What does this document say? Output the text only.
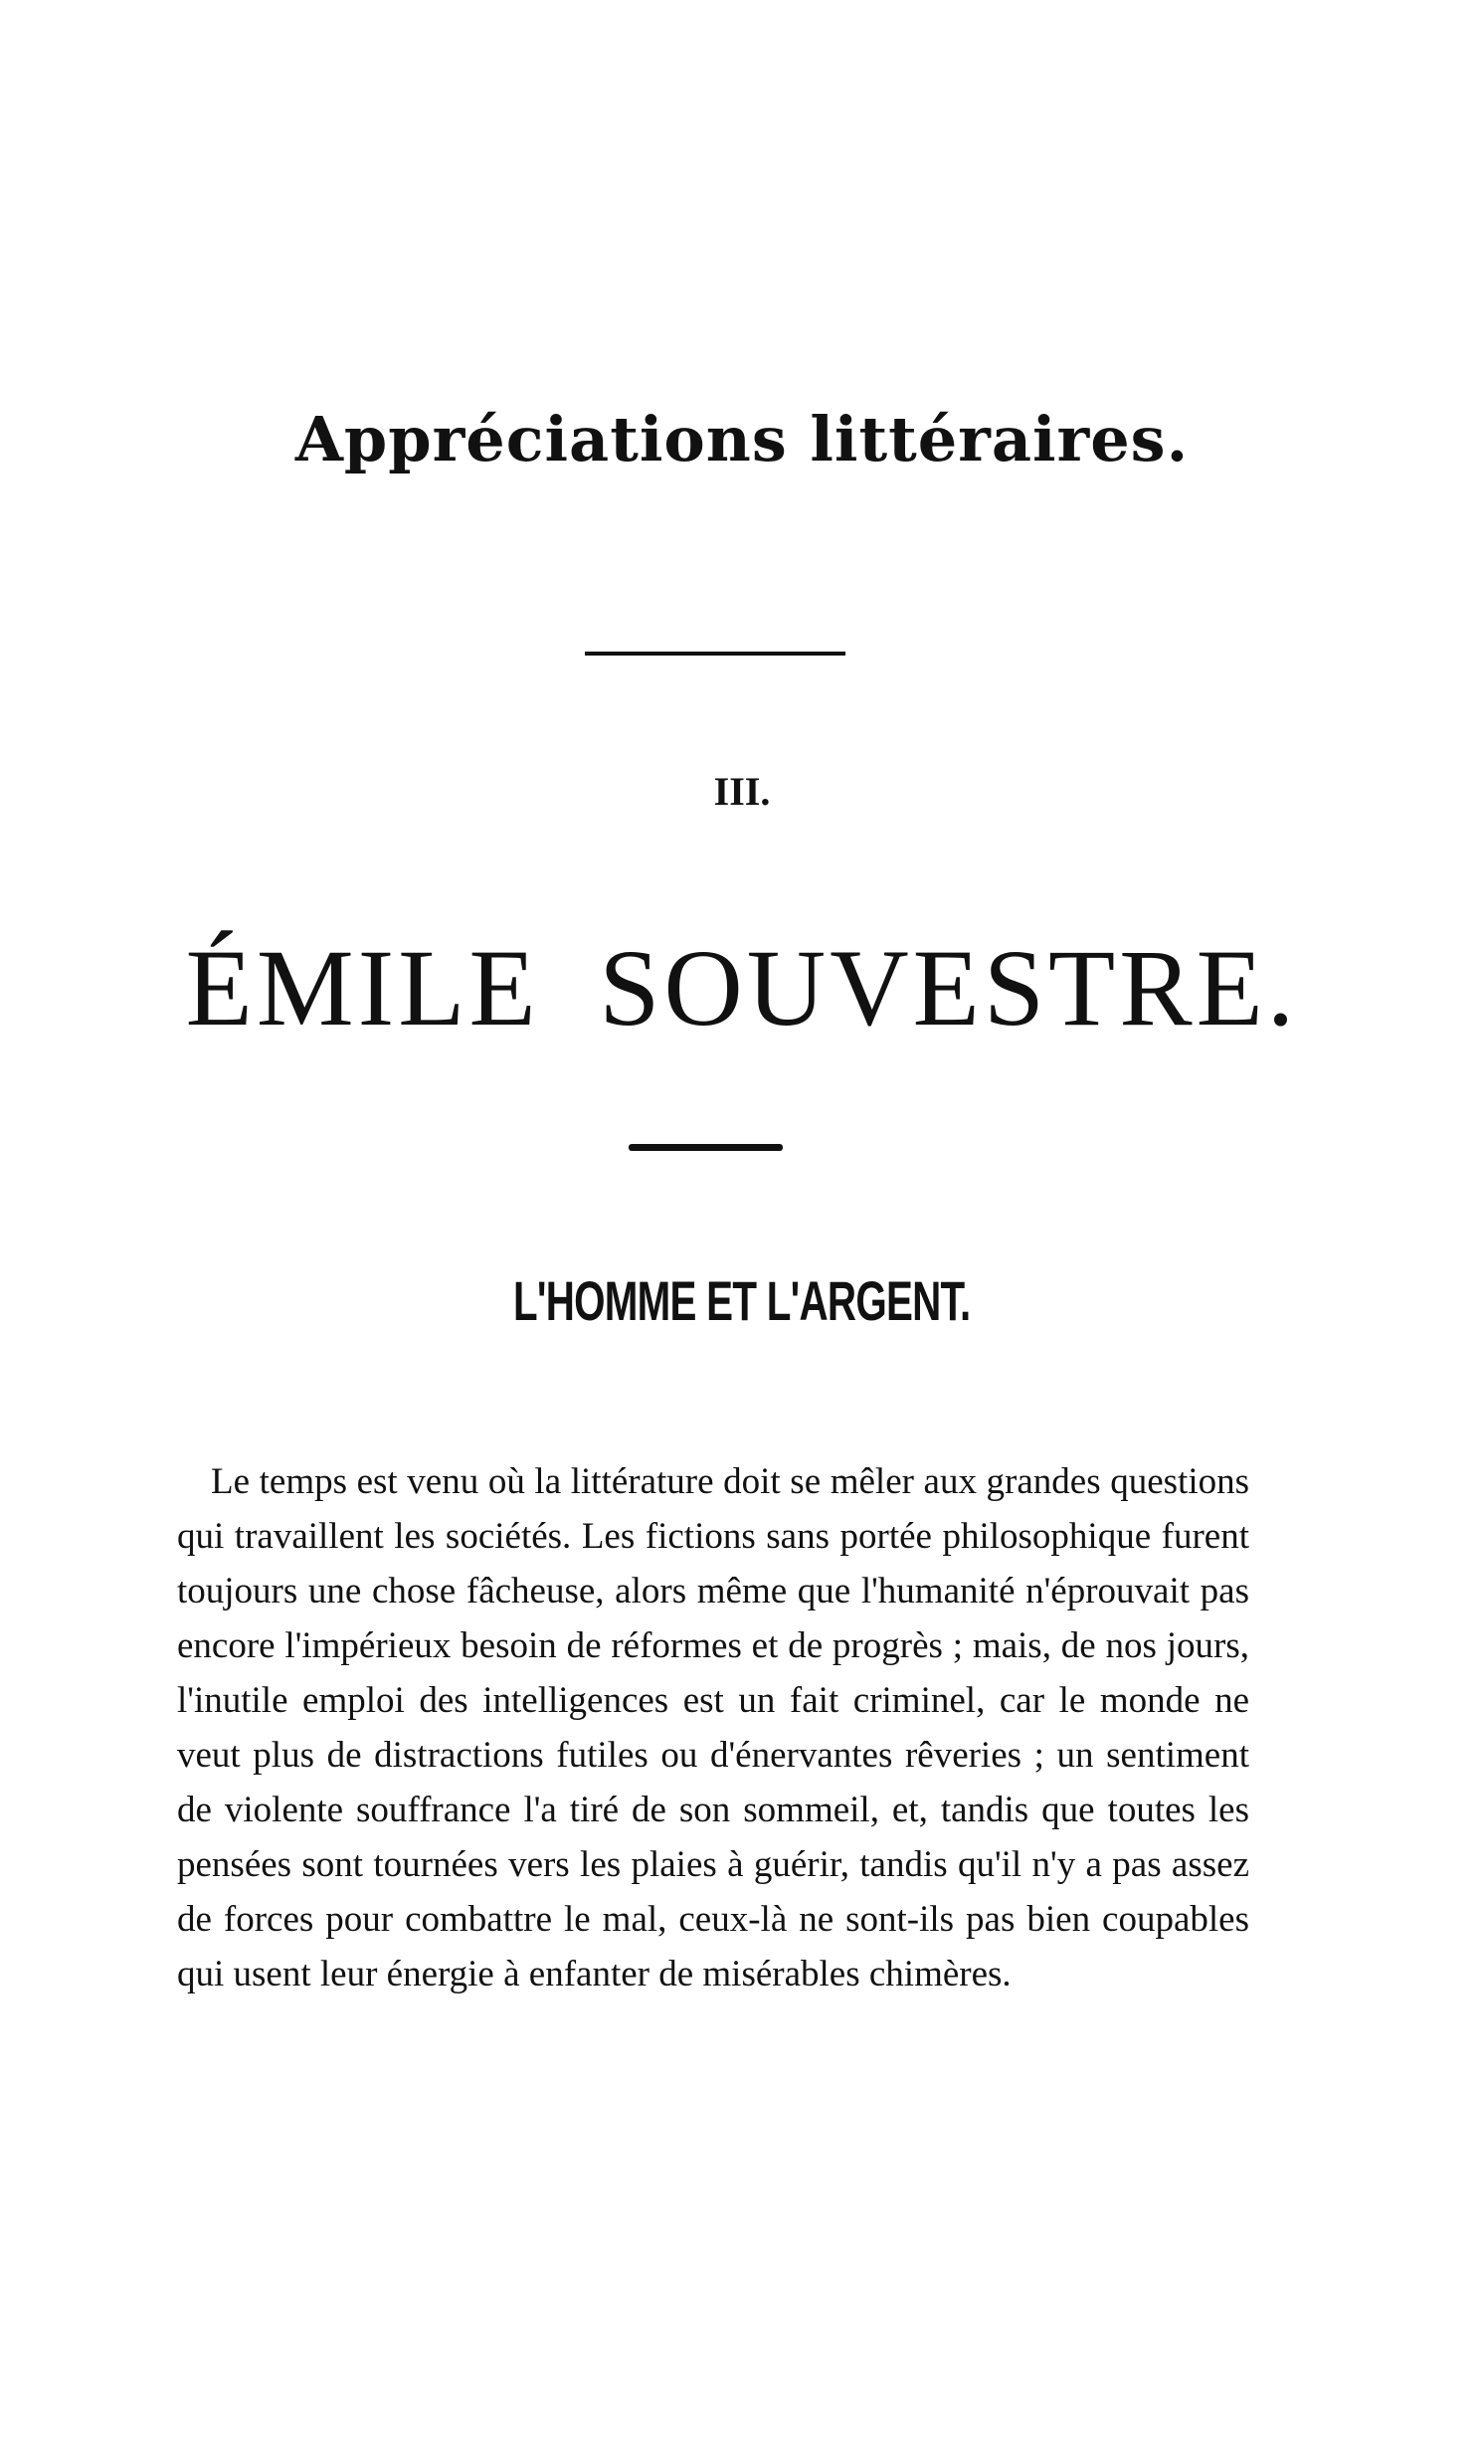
Appréciations littéraires.
III.
ÉMILE SOUVESTRE.
L'HOMME ET L'ARGENT.

Le temps est venu où la littérature doit se mêler aux grandes questions qui travaillent les sociétés. Les fictions sans portée philosophique furent toujours une chose fâcheuse, alors même que l'humanité n'éprouvait pas encore l'impérieux besoin de réformes et de progrès ; mais, de nos jours, l'inutile emploi des intelligences est un fait criminel, car le monde ne veut plus de distractions futiles ou d'énervantes rêveries ; un sentiment de violente souffrance l'a tiré de son sommeil, et, tandis que toutes les pensées sont tournées vers les plaies à guérir, tandis qu'il n'y a pas assez de forces pour combattre le mal, ceux-là ne sont-ils pas bien coupables qui usent leur énergie à enfanter de misérables chimères.
